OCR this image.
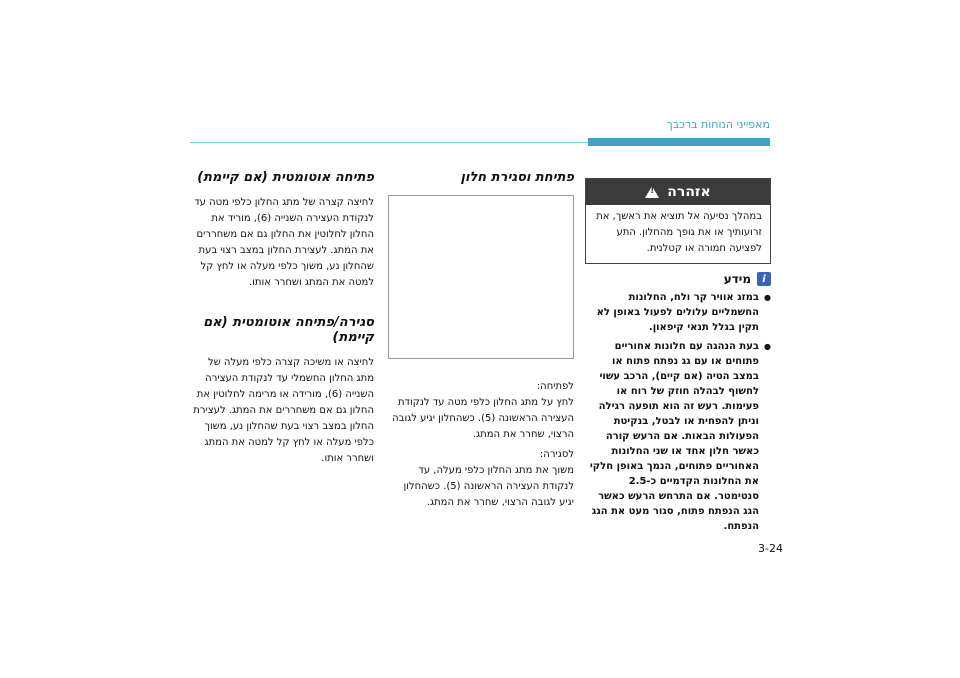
מאפייני הנוחות ברכבך
אזהרה
!
במהלך נסיעה אל תוציא את ראשך, את זרועותיך או את גופך מהחלון. התע לפציעה חמורה או קטלנית.
i
מידע

● במזג אוויר קר ולח, החלונות החשמליים עלולים לפעול באופן לא תקין בגלל תנאי קיפאון.

● בעת הנהגה עם חלונות אחוריים פתוחים או עם גג נפתח פתוח או במצב הטיה (אם קיים), הרכב עשוי לחשוף לבהלה חוזק של רוח או פעימות. רעש זה הוא תופעה רגילה וניתן להפחית או לבטל, בנקיטת הפעולות הבאות. אם הרעש קורה כאשר חלון אחד או שני החלונות האחוריים פתוחים, הנמך באופן חלקי את החלונות הקדמיים כ-2.5 סנטימטר. אם התרחש הרעש כאשר הגג הנפתח פתוח, סגור מעט את הגג הנפתח.

פתיחת וסגירת חלון

לפתיחה:

לחץ על מתג החלון כלפי מטה עד לנקודת העצירה הראשונה (5). כשהחלון יגיע לגובה הרצוי, שחרר את המתג.

לסגירה:

משוך את מתג החלון כלפי מעלה, עד לנקודת העצירה הראשונה (5). כשהחלון יגיע לגובה הרצוי, שחרר את המתג.

פתיחה אוטומטית (אם קיימת)

לחיצה קצרה של מתג החלון כלפי מטה עד לנקודת העצירה השנייה (6), מוריד את החלון לחלוטין את החלון גם אם משחררים את המתג. לעצירת החלון במצב רצוי בעת שהחלון נע, משוך כלפי מעלה או לחץ קל למטה את המתג ושחרר אותו.

סגירה/פתיחה אוטומטית (אם קיימת)

לחיצה או משיכה קצרה כלפי מעלה של מתג החלון החשמלי עד לנקודת העצירה השנייה (6), מורידה או מרימה לחלוטין את החלון גם אם משחררים את המתג. לעצירת החלון במצב רצוי בעת שהחלון נע, משוך כלפי מעלה או לחץ קל למטה את המתג ושחרר אותו.

3-24
